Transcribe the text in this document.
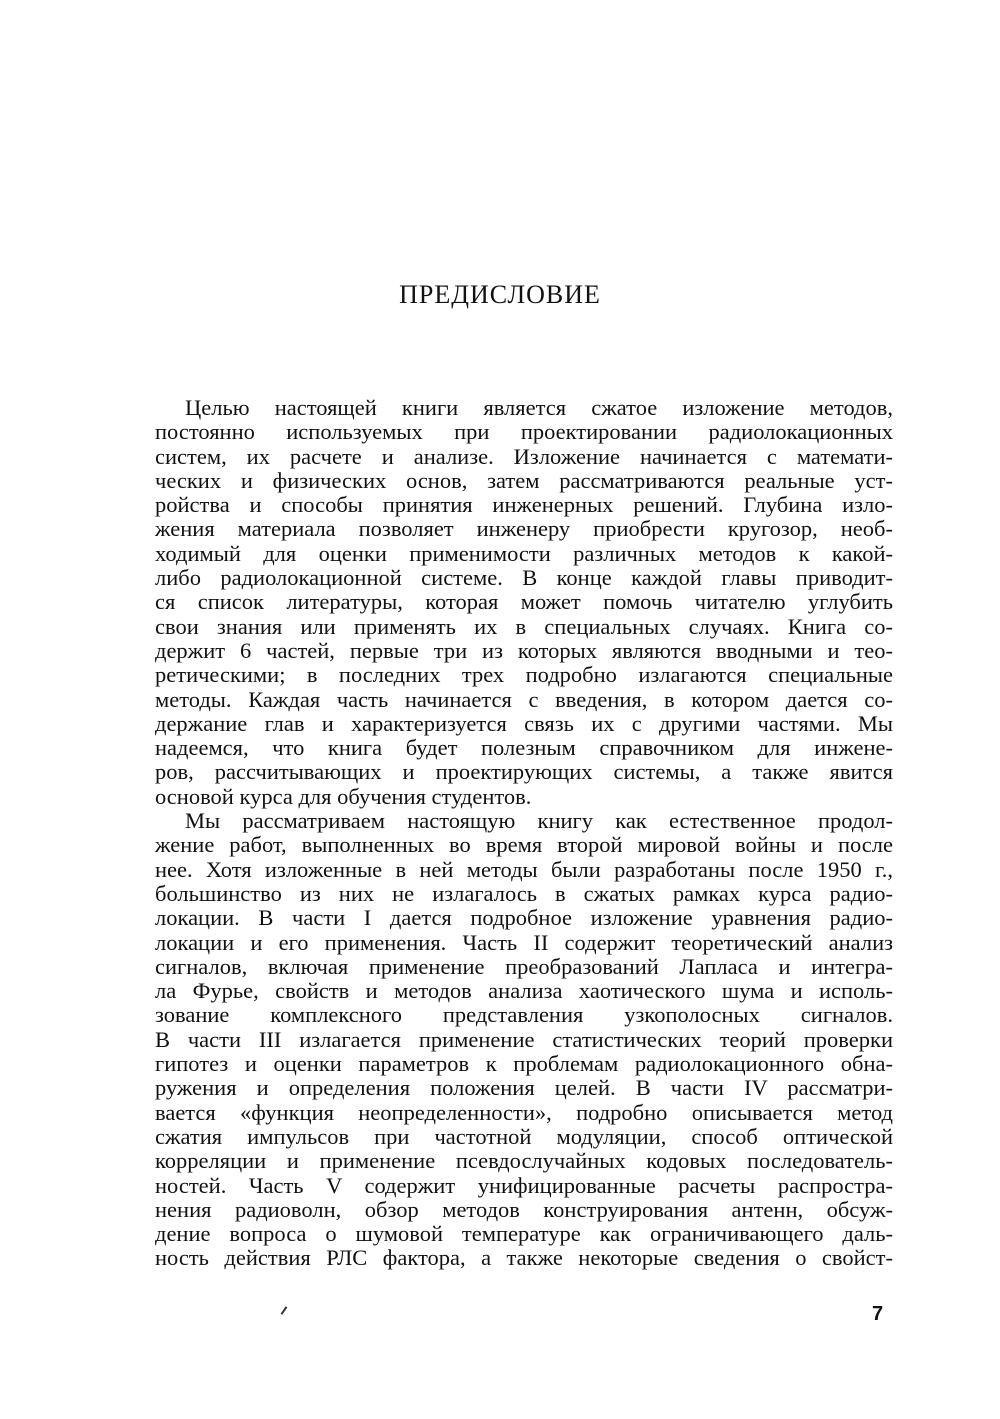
ПРЕДИСЛОВИЕ
Целью настоящей книги является сжатое изложение методов,
постоянно используемых при проектировании радиолокационных
систем, их расчете и анализе. Изложение начинается с математи-
ческих и физических основ, затем рассматриваются реальные уст-
ройства и способы принятия инженерных решений. Глубина изло-
жения материала позволяет инженеру приобрести кругозор, необ-
ходимый для оценки применимости различных методов к какой-
либо радиолокационной системе. В конце каждой главы приводит-
ся список литературы, которая может помочь читателю углубить
свои знания или применять их в специальных случаях. Книга со-
держит 6 частей, первые три из которых являются вводными и тео-
ретическими; в последних трех подробно излагаются специальные
методы. Каждая часть начинается с введения, в котором дается со-
держание глав и характеризуется связь их с другими частями. Мы
надеемся, что книга будет полезным справочником для инжене-
ров, рассчитывающих и проектирующих системы, а также явится
основой курса для обучения студентов.
Мы рассматриваем настоящую книгу как естественное продол-
жение работ, выполненных во время второй мировой войны и после
нее. Хотя изложенные в ней методы были разработаны после 1950 г.,
большинство из них не излагалось в сжатых рамках курса радио-
локации. В части I дается подробное изложение уравнения радио-
локации и его применения. Часть II содержит теоретический анализ
сигналов, включая применение преобразований Лапласа и интегра-
ла Фурье, свойств и методов анализа хаотического шума и исполь-
зование комплексного представления узкополосных сигналов.
В части III излагается применение статистических теорий проверки
гипотез и оценки параметров к проблемам радиолокационного обна-
ружения и определения положения целей. В части IV рассматри-
вается «функция неопределенности», подробно описывается метод
сжатия импульсов при частотной модуляции, способ оптической
корреляции и применение псевдослучайных кодовых последователь-
ностей. Часть V содержит унифицированные расчеты распростра-
нения радиоволн, обзор методов конструирования антенн, обсуж-
дение вопроса о шумовой температуре как ограничивающего даль-
ность действия РЛС фактора, а также некоторые сведения о свойст-
7
